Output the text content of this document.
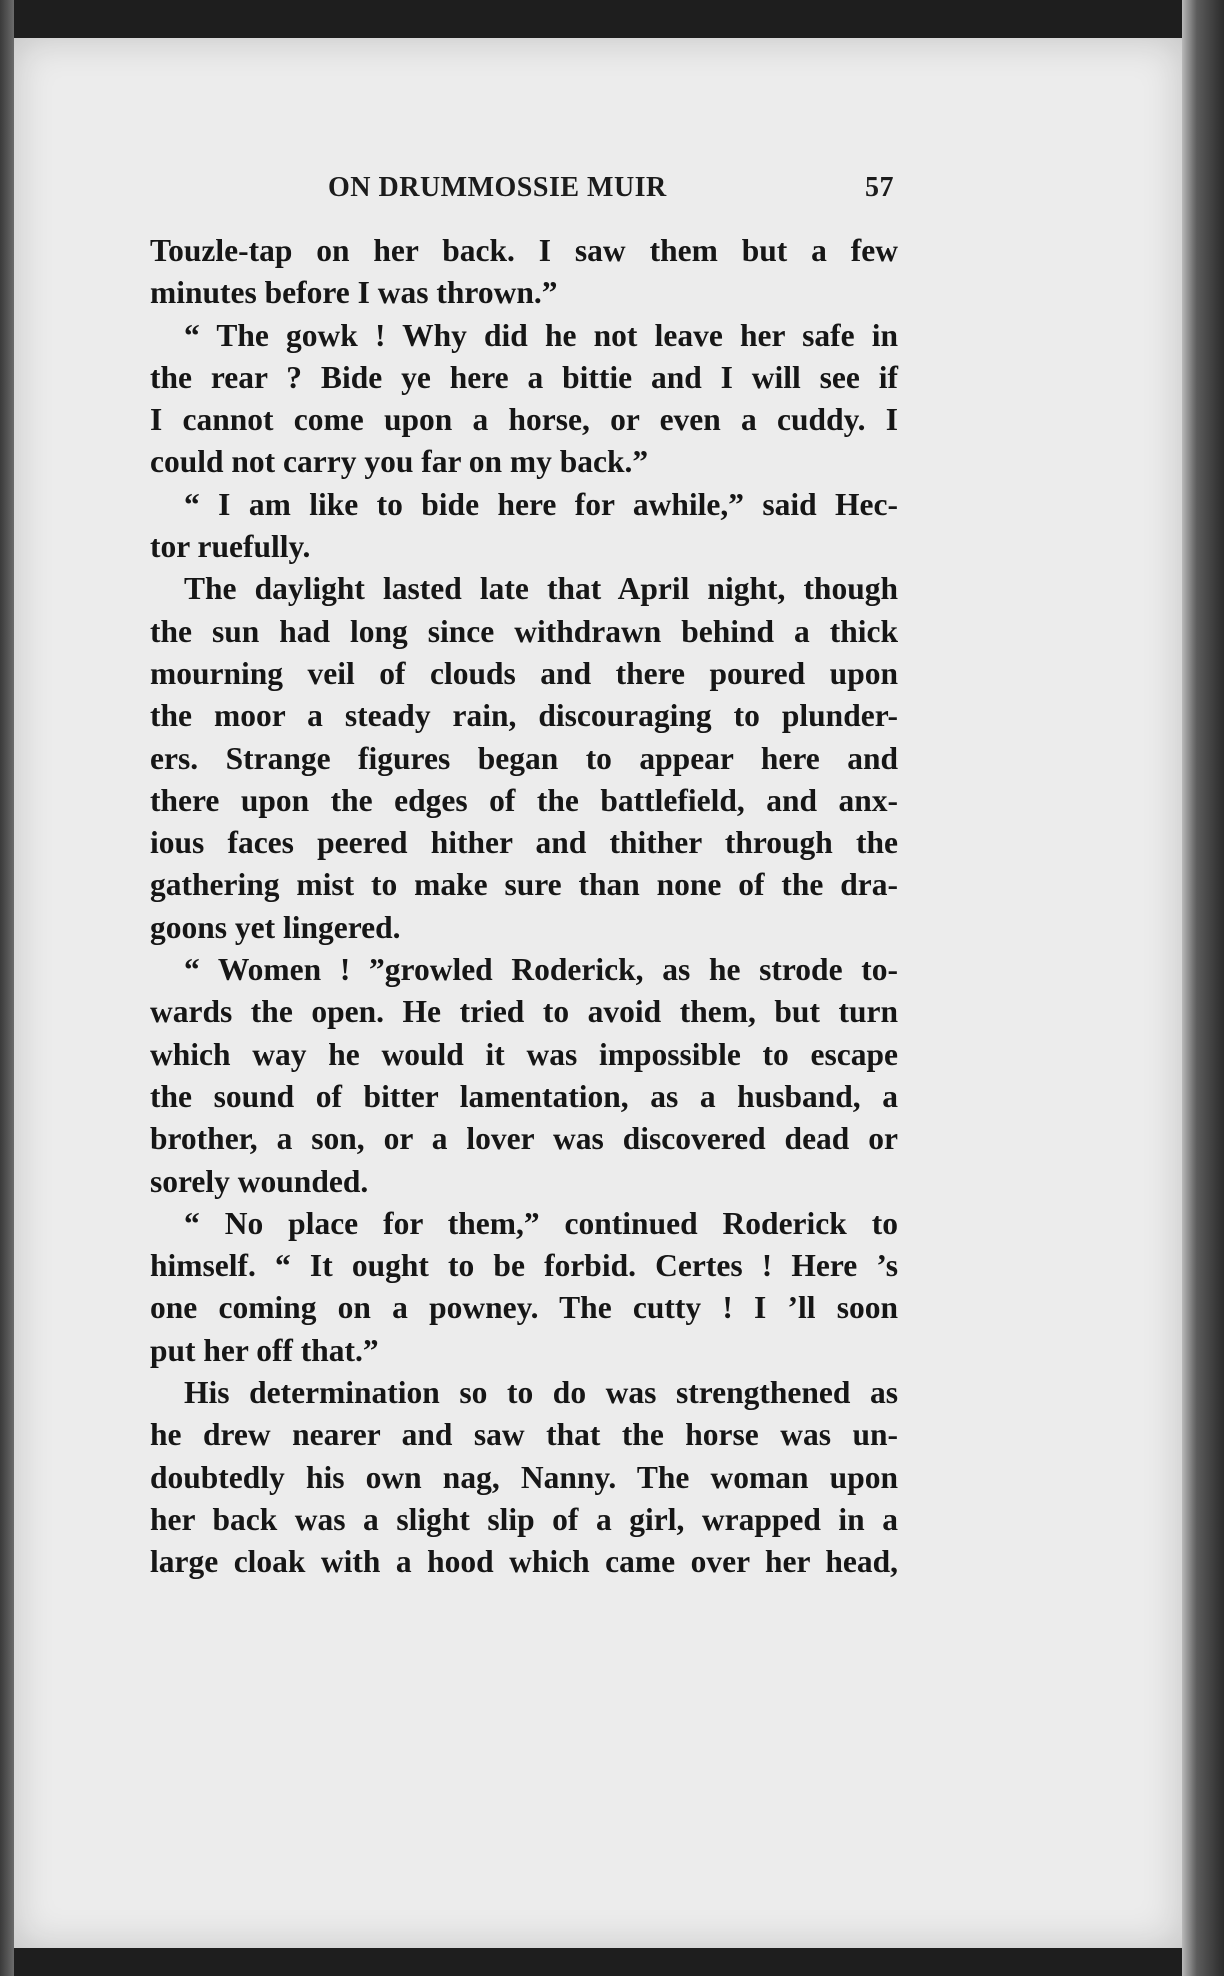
ON DRUMMOSSIE MUIR	57
Touzle-tap on her back. I saw them but a few
minutes before I was thrown.”
“ The gowk ! Why did he not leave her safe in
the rear ? Bide ye here a bittie and I will see if
I cannot come upon a horse, or even a cuddy. I
could not carry you far on my back.”
“ I am like to bide here for awhile,” said Hec-
tor ruefully.
The daylight lasted late that April night, though
the sun had long since withdrawn behind a thick
mourning veil of clouds and there poured upon
the moor a steady rain, discouraging to plunder-
ers. Strange figures began to appear here and
there upon the edges of the battlefield, and anx-
ious faces peered hither and thither through the
gathering mist to make sure than none of the dra-
goons yet lingered.
“ Women ! ”growled Roderick, as he strode to-
wards the open. He tried to avoid them, but turn
which way he would it was impossible to escape
the sound of bitter lamentation, as a husband, a
brother, a son, or a lover was discovered dead or
sorely wounded.
“ No place for them,” continued Roderick to
himself. “ It ought to be forbid. Certes ! Here ’s
one coming on a powney. The cutty ! I ’ll soon
put her off that.”
His determination so to do was strengthened as
he drew nearer and saw that the horse was un-
doubtedly his own nag, Nanny. The woman upon
her back was a slight slip of a girl, wrapped in a
large cloak with a hood which came over her head,
